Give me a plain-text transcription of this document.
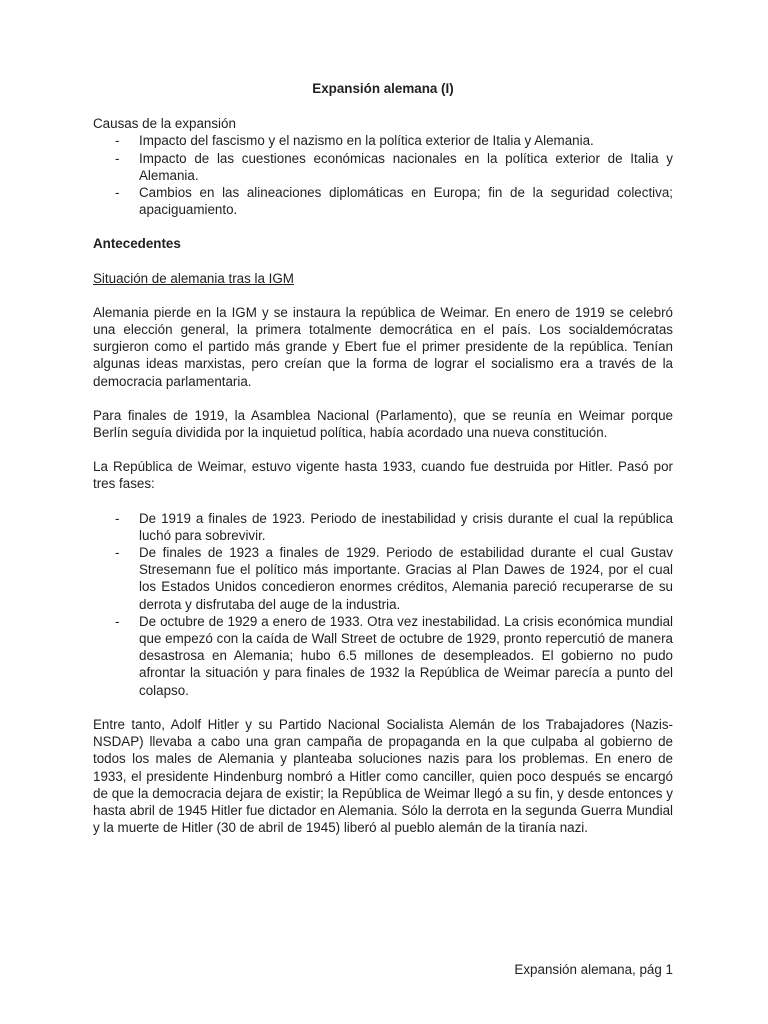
Expansión alemana (I)

Causas de la expansión

- Impacto del fascismo y el nazismo en la política exterior de Italia y Alemania.
- Impacto de las cuestiones económicas nacionales en la política exterior de Italia y Alemania.
- Cambios en las alineaciones diplomáticas en Europa; fin de la seguridad colectiva; apaciguamiento.

Antecedentes

Situación de alemania tras la IGM

Alemania pierde en la IGM y se instaura la república de Weimar. En enero de 1919 se celebró una elección general, la primera totalmente democrática en el país. Los socialdemócratas surgieron como el partido más grande y Ebert fue el primer presidente de la república. Tenían algunas ideas marxistas, pero creían que la forma de lograr el socialismo era a través de la democracia parlamentaria.

Para finales de 1919, la Asamblea Nacional (Parlamento), que se reunía en Weimar porque Berlín seguía dividida por la inquietud política, había acordado una nueva constitución.

La República de Weimar, estuvo vigente hasta 1933, cuando fue destruida por Hitler. Pasó por tres fases:

- De 1919 a finales de 1923. Periodo de inestabilidad y crisis durante el cual la república luchó para sobrevivir.
- De finales de 1923 a finales de 1929. Periodo de estabilidad durante el cual Gustav Stresemann fue el político más importante. Gracias al Plan Dawes de 1924, por el cual los Estados Unidos concedieron enormes créditos, Alemania pareció recuperarse de su derrota y disfrutaba del auge de la industria.
- De octubre de 1929 a enero de 1933. Otra vez inestabilidad. La crisis económica mundial que empezó con la caída de Wall Street de octubre de 1929, pronto repercutió de manera desastrosa en Alemania; hubo 6.5 millones de desempleados. El gobierno no pudo afrontar la situación y para finales de 1932 la República de Weimar parecía a punto del colapso.

Entre tanto, Adolf Hitler y su Partido Nacional Socialista Alemán de los Trabajadores (Nazis-NSDAP) llevaba a cabo una gran campaña de propaganda en la que culpaba al gobierno de todos los males de Alemania y planteaba soluciones nazis para los problemas. En enero de 1933, el presidente Hindenburg nombró a Hitler como canciller, quien poco después se encargó de que la democracia dejara de existir; la República de Weimar llegó a su fin, y desde entonces y hasta abril de 1945 Hitler fue dictador en Alemania. Sólo la derrota en la segunda Guerra Mundial y la muerte de Hitler (30 de abril de 1945) liberó al pueblo alemán de la tiranía nazi.

Expansión alemana, pág 1
